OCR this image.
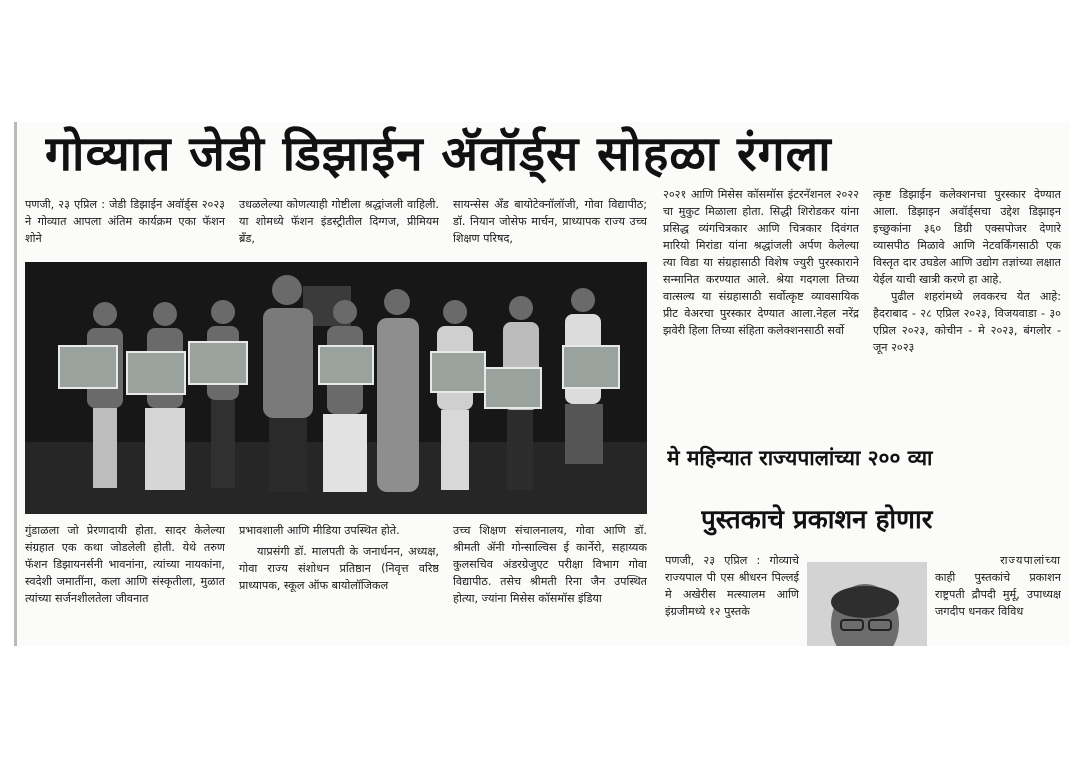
गोव्यात जेडी डिझाईन अ‍ॅवॉर्ड्स सोहळा रंगला
पणजी, २३ एप्रिल : जेडी डिझाईन अवॉर्ड्स २०२३ ने गोव्यात आपला अंतिम कार्यक्रम एका फॅशन शोने
उधळलेल्या कोणत्याही गोष्टीला श्रद्धांजली वाहिली. या शोमध्ये फॅशन इंडस्ट्रीतील दिग्गज, प्रीमियम ब्रँड,
सायन्सेस अँड बायोटेक्नॉलॉजी, गोवा विद्यापीठ; डॉ. नियान जोसेफ मार्चन, प्राध्यापक राज्य उच्च शिक्षण परिषद,
२०२१ आणि मिसेस कॉसमॉस इंटरनॅशनल २०२२ चा मुकुट मिळाला होता. सिद्धी शिरोडकर यांना प्रसिद्ध व्यंगचित्रकार आणि चित्रकार दिवंगत मारियो मिरांडा यांना श्रद्धांजली अर्पण केलेल्या त्या विडा या संग्रहासाठी विशेष ज्युरी पुरस्काराने सन्मानित करण्यात आले. श्रेया गदगला तिच्या वात्सल्य या संग्रहासाठी सर्वोत्कृष्ट व्यावसायिक प्रीट वेअरचा पुरस्कार देण्यात आला.नेहल नरेंद्र झवेरी हिला तिच्या संहिता कलेक्शनसाठी सर्वो
त्कृष्ट डिझाईन कलेक्शनचा पुरस्कार देण्यात आला. डिझाइन अवॉर्ड्सचा उद्देश डिझाइन इच्छुकांना ३६० डिग्री एक्सपोजर देणारे व्यासपीठ मिळावे आणि नेटवर्किंगसाठी एक विस्तृत दार उघडेल आणि उद्योग तज्ञांच्या लक्षात येईल याची खात्री करणे हा आहे.
पुढील शहरांमध्ये लवकरच येत आहे: हैदराबाद - २८ एप्रिल २०२३, विजयवाडा - ३० एप्रिल २०२३, कोचीन - मे २०२३, बंगलोर - जून २०२३
गुंडाळला जो प्रेरणादायी होता. सादर केलेल्या संग्रहात एक कथा जोडलेली होती. येथे तरुण फॅशन डिझायनर्सनी भावनांना, त्यांच्या नायकांना, स्वदेशी जमातींना, कला आणि संस्कृतीला, मुळात त्यांच्या सर्जनशीलतेला जीवनात
प्रभावशाली आणि मीडिया उपस्थित होते.
याप्रसंगी डॉ. मालपती के जनार्धनन, अध्यक्ष, गोवा राज्य संशोधन प्रतिष्ठान (निवृत्त वरिष्ठ प्राध्यापक, स्कूल ऑफ बायोलॉजिकल
उच्च शिक्षण संचालनालय, गोवा आणि डॉ. श्रीमती ॲनी गोन्साल्विस ई कार्नेरो, सहाय्यक कुलसचिव अंडरग्रेजुएट परीक्षा विभाग गोवा विद्यापीठ. तसेच श्रीमती रिना जैन उपस्थित होत्या, ज्यांना मिसेस कॉसमॉस इंडिया
मे महिन्यात राज्यपालांच्या २०० व्या
पुस्तकाचे प्रकाशन होणार
पणजी, २३ एप्रिल : गोव्याचे राज्यपाल पी एस श्रीधरन पिल्लई मे अखेरीस मत्स्यालम आणि इंग्रजीमध्ये १२ पुस्तके
राज्यपालांच्या
काही पुस्तकांचे प्रकाशन राष्ट्रपती द्रौपदी मुर्मू, उपाध्यक्ष जगदीप धनकर विविध
